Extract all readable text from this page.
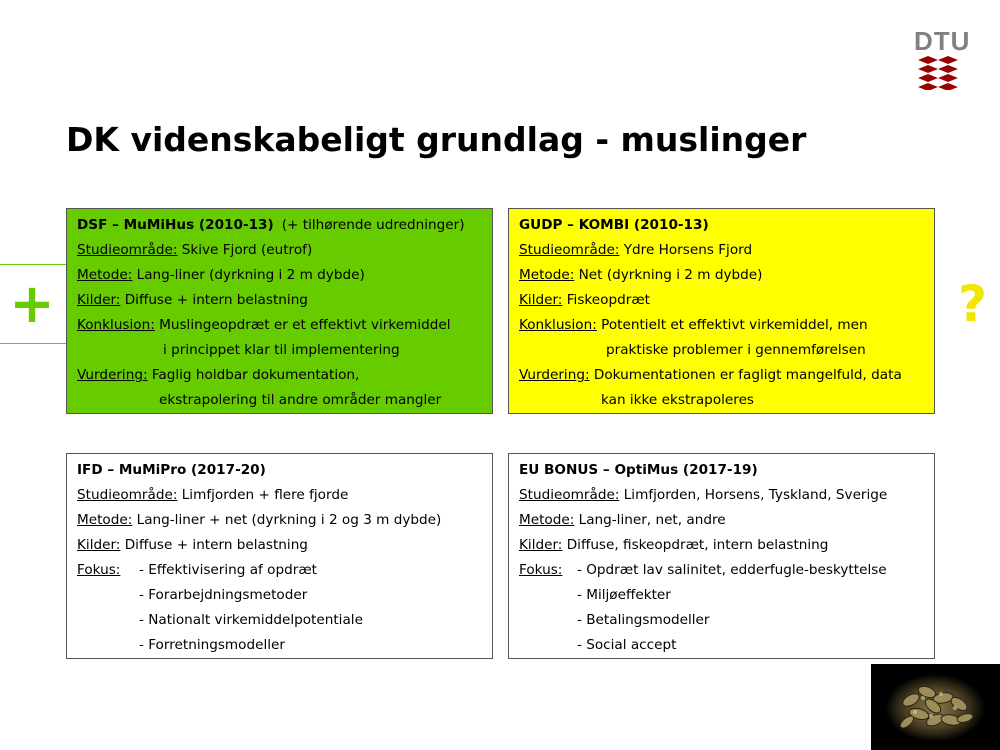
DTU
DK videnskabeligt grundlag - muslinger
+	?
DSF – MuMiHus (2010-13) (+ tilhørende udredninger)
Studieområde: Skive Fjord (eutrof)
Metode: Lang-liner (dyrkning i 2 m dybde)
Kilder: Diffuse + intern belastning
Konklusion: Muslingeopdræt er et effektivt virkemiddel
i princippet klar til implementering
Vurdering: Faglig holdbar dokumentation,
ekstrapolering til andre områder mangler
GUDP – KOMBI (2010-13)
Studieområde: Ydre Horsens Fjord
Metode: Net (dyrkning i 2 m dybde)
Kilder: Fiskeopdræt
Konklusion: Potentielt et effektivt virkemiddel, men
praktiske problemer i gennemførelsen
Vurdering: Dokumentationen er fagligt mangelfuld, data
kan ikke ekstrapoleres
IFD – MuMiPro (2017-20)
Studieområde: Limfjorden + flere fjorde
Metode: Lang-liner + net (dyrkning i 2 og 3 m dybde)
Kilder: Diffuse + intern belastning
Fokus: - Effektivisering af opdræt
- Forarbejdningsmetoder
- Nationalt virkemiddelpotentiale
- Forretningsmodeller
EU BONUS – OptiMus (2017-19)
Studieområde: Limfjorden, Horsens, Tyskland, Sverige
Metode: Lang-liner, net, andre
Kilder: Diffuse, fiskeopdræt, intern belastning
Fokus: - Opdræt lav salinitet, edderfugle-beskyttelse
- Miljøeffekter
- Betalingsmodeller
- Social accept
